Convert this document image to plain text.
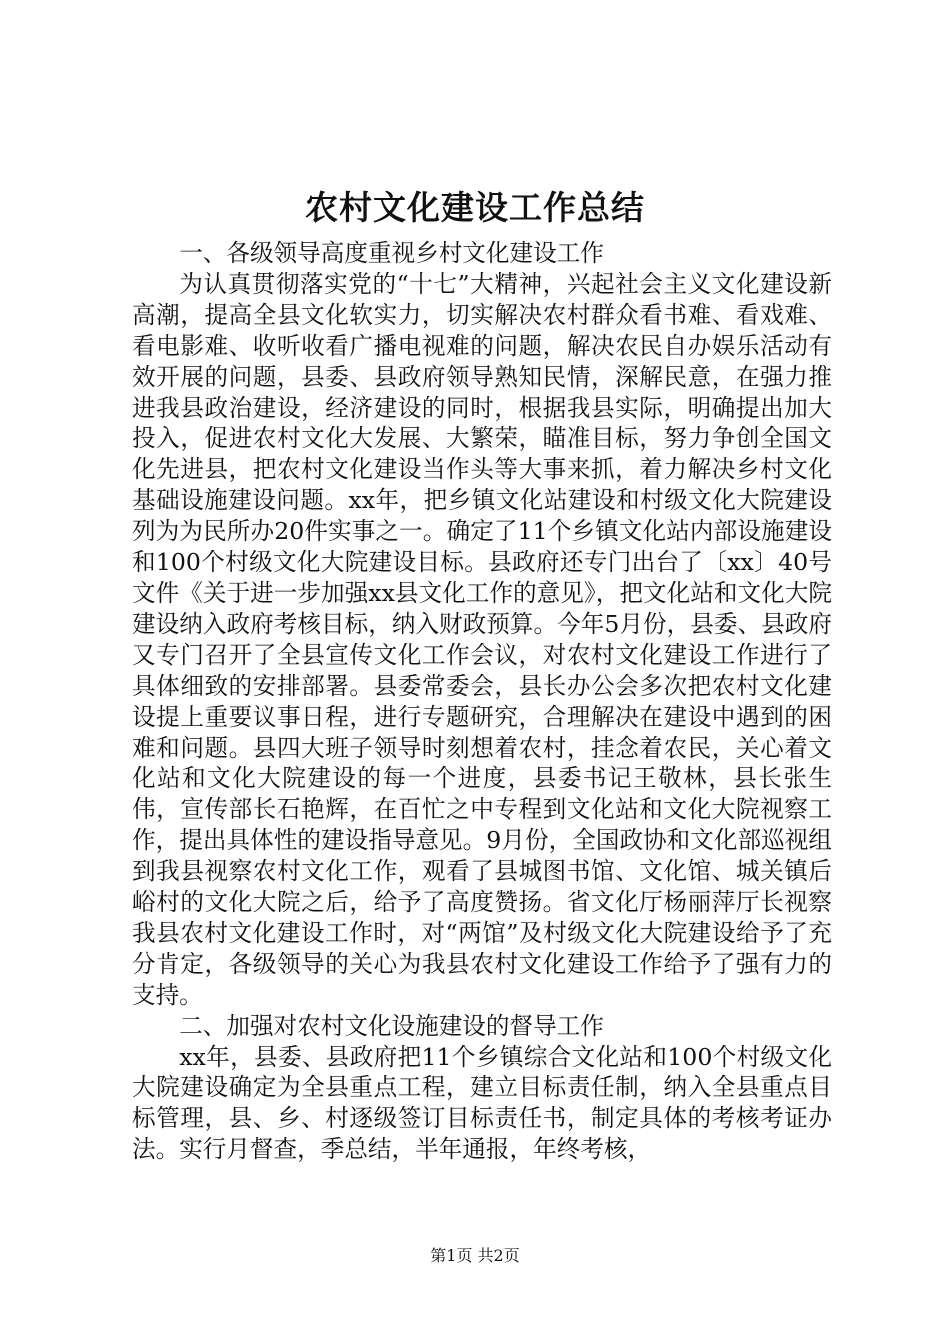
农村文化建设工作总结

一、各级领导高度重视乡村文化建设工作

为认真贯彻落实党的“十七”大精神，兴起社会主义文化建设新高潮，提高全县文化软实力，切实解决农村群众看书难、看戏难、看电影难、收听收看广播电视难的问题，解决农民自办娱乐活动有效开展的问题，县委、县政府领导熟知民情，深解民意，在强力推进我县政治建设，经济建设的同时，根据我县实际，明确提出加大投入，促进农村文化大发展、大繁荣，瞄准目标，努力争创全国文化先进县，把农村文化建设当作头等大事来抓，着力解决乡村文化基础设施建设问题。xx年，把乡镇文化站建设和村级文化大院建设列为为民所办20件实事之一。确定了11个乡镇文化站内部设施建设和100个村级文化大院建设目标。县政府还专门出台了〔xx〕40号文件《关于进一步加强xx县文化工作的意见》，把文化站和文化大院建设纳入政府考核目标，纳入财政预算。今年5月份，县委、县政府又专门召开了全县宣传文化工作会议，对农村文化建设工作进行了具体细致的安排部署。县委常委会，县长办公会多次把农村文化建设提上重要议事日程，进行专题研究，合理解决在建设中遇到的困难和问题。县四大班子领导时刻想着农村，挂念着农民，关心着文化站和文化大院建设的每一个进度，县委书记王敬林，县长张生伟，宣传部长石艳辉，在百忙之中专程到文化站和文化大院视察工作，提出具体性的建设指导意见。9月份，全国政协和文化部巡视组到我县视察农村文化工作，观看了县城图书馆、文化馆、城关镇后峪村的文化大院之后，给予了高度赞扬。省文化厅杨丽萍厅长视察我县农村文化建设工作时，对“两馆”及村级文化大院建设给予了充分肯定，各级领导的关心为我县农村文化建设工作给予了强有力的支持。

二、加强对农村文化设施建设的督导工作

xx年，县委、县政府把11个乡镇综合文化站和100个村级文化大院建设确定为全县重点工程，建立目标责任制，纳入全县重点目标管理，县、乡、村逐级签订目标责任书，制定具体的考核考证办法。实行月督查，季总结，半年通报，年终考核，

第1页 共2页
